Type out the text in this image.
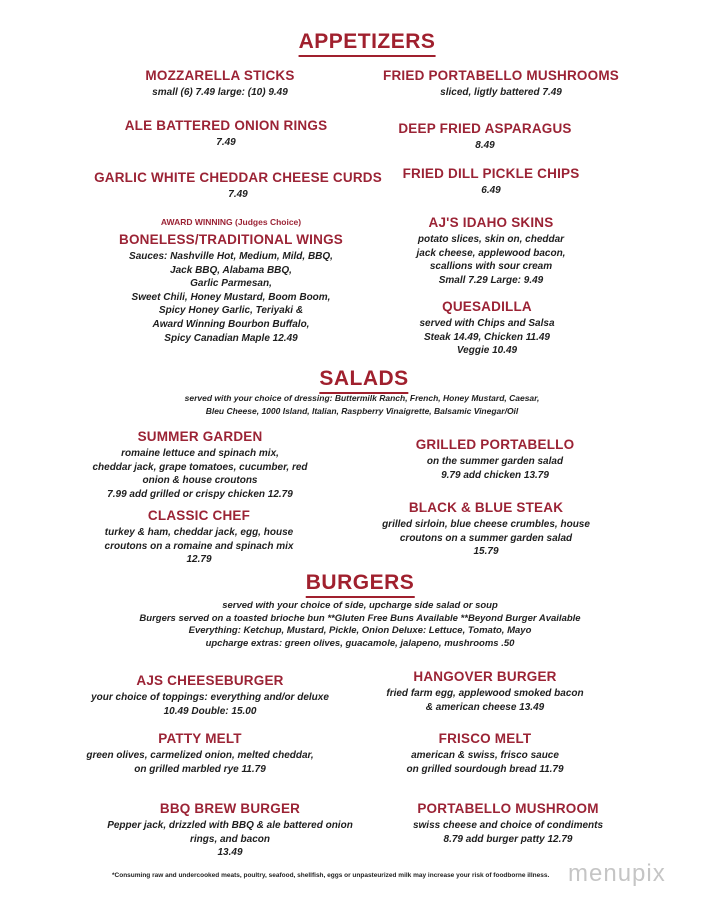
APPETIZERS
SALADS
BURGERS
served with your choice of dressing: Buttermilk Ranch, French, Honey Mustard, Caesar,
Bleu Cheese, 1000 Island, Italian, Raspberry Vinaigrette, Balsamic Vinegar/Oil
served with your choice of side, upcharge side salad or soup
Burgers served on a toasted brioche bun **Gluten Free Buns Available **Beyond Burger Available
Everything: Ketchup, Mustard, Pickle, Onion Deluxe: Lettuce, Tomato, Mayo
upcharge extras: green olives, guacamole, jalapeno, mushrooms .50
MOZZARELLA STICKS
small (6) 7.49 large: (10) 9.49
FRIED PORTABELLO MUSHROOMS
sliced, ligtly battered 7.49
ALE BATTERED ONION RINGS
7.49
DEEP FRIED ASPARAGUS
8.49
GARLIC WHITE CHEDDAR CHEESE CURDS
7.49
FRIED DILL PICKLE CHIPS
6.49
AWARD WINNING (Judges Choice)
BONELESS/TRADITIONAL WINGS
Sauces: Nashville Hot, Medium, Mild, BBQ,
Jack BBQ, Alabama BBQ,
Garlic Parmesan,
Sweet Chili, Honey Mustard, Boom Boom,
Spicy Honey Garlic, Teriyaki &
Award Winning Bourbon Buffalo,
Spicy Canadian Maple 12.49
AJ'S IDAHO SKINS
potato slices, skin on, cheddar
jack cheese, applewood bacon,
scallions with sour cream
Small 7.29 Large: 9.49
QUESADILLA
served with Chips and Salsa
Steak 14.49, Chicken 11.49
Veggie 10.49
SUMMER GARDEN
romaine lettuce and spinach mix,
cheddar jack, grape tomatoes, cucumber, red
onion & house croutons
7.99 add grilled or crispy chicken 12.79
GRILLED PORTABELLO
on the summer garden salad
9.79 add chicken 13.79
CLASSIC CHEF
turkey & ham, cheddar jack, egg, house
croutons on a romaine and spinach mix
12.79
BLACK & BLUE STEAK
grilled sirloin, blue cheese crumbles, house
croutons on a summer garden salad
15.79
AJS CHEESEBURGER
your choice of toppings: everything and/or deluxe
10.49 Double: 15.00
HANGOVER BURGER
fried farm egg, applewood smoked bacon
& american cheese 13.49
PATTY MELT
green olives, carmelized onion, melted cheddar,
on grilled marbled rye 11.79
FRISCO MELT
american & swiss, frisco sauce
on grilled sourdough bread 11.79
BBQ BREW BURGER
Pepper jack, drizzled with BBQ & ale battered onion
rings, and bacon
13.49
PORTABELLO MUSHROOM
swiss cheese and choice of condiments
8.79 add burger patty 12.79
*Consuming raw and undercooked meats, poultry, seafood, shellfish, eggs or unpasteurized milk may increase your risk of foodborne illness. menupix
